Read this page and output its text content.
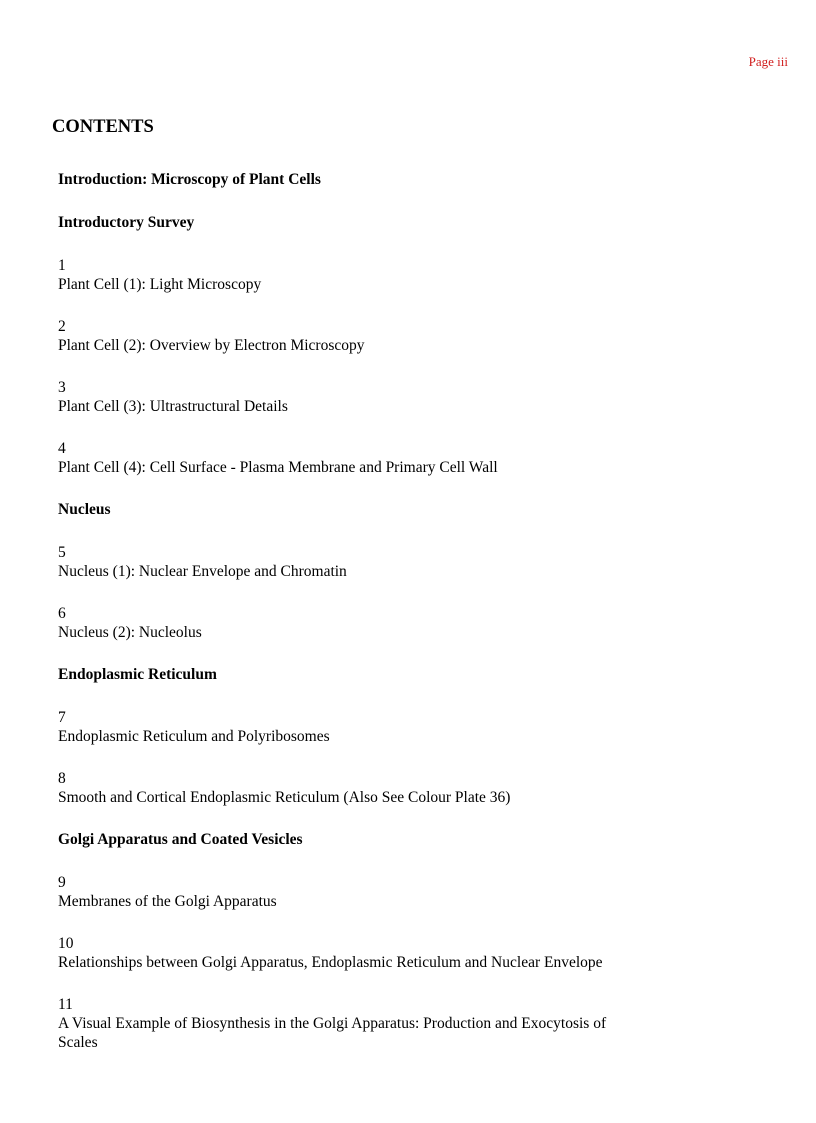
Page iii
CONTENTS
Introduction: Microscopy of Plant Cells
Introductory Survey
1
Plant Cell (1): Light Microscopy
2
Plant Cell (2): Overview by Electron Microscopy
3
Plant Cell (3): Ultrastructural Details
4
Plant Cell (4): Cell Surface - Plasma Membrane and Primary Cell Wall
Nucleus
5
Nucleus (1): Nuclear Envelope and Chromatin
6
Nucleus (2): Nucleolus
Endoplasmic Reticulum
7
Endoplasmic Reticulum and Polyribosomes
8
Smooth and Cortical Endoplasmic Reticulum (Also See Colour Plate 36)
Golgi Apparatus and Coated Vesicles
9
Membranes of the Golgi Apparatus
10
Relationships between Golgi Apparatus, Endoplasmic Reticulum and Nuclear Envelope
11
A Visual Example of Biosynthesis in the Golgi Apparatus: Production and Exocytosis of Scales
